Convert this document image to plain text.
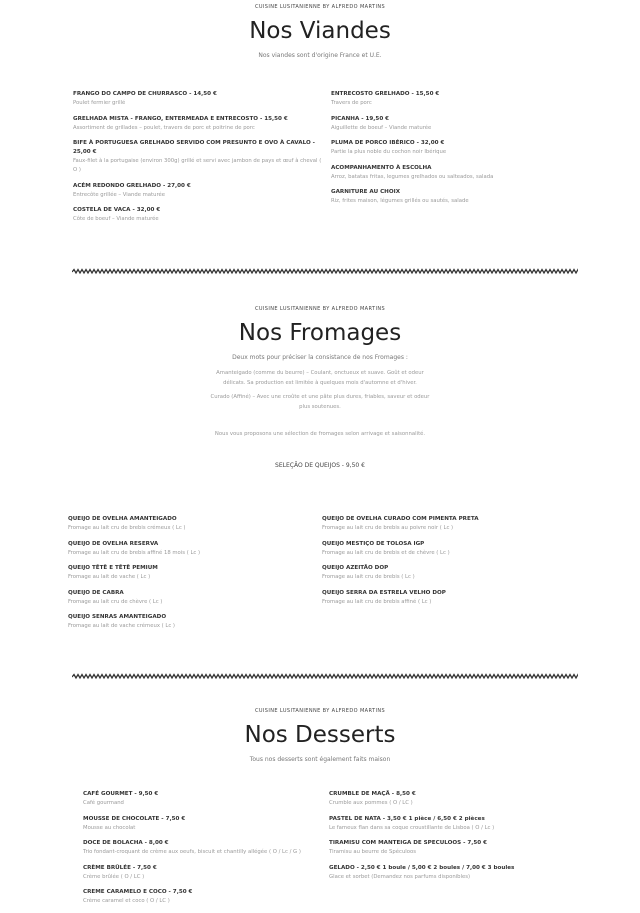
CUISINE LUSITANIENNE BY ALFREDO MARTINS
Nos Viandes
Nos viandes sont d'origine France et U.E.
FRANGO DO CAMPO DE CHURRASCO - 14,50 €
Poulet fermier grillé
GRELHADA MISTA - FRANGO, ENTERMEADA E ENTRECOSTO - 15,50 €
Assortiment de grillades – poulet, travers de porc et poitrine de porc
BIFE À PORTUGUESA GRELHADO SERVIDO COM PRESUNTO E OVO À CAVALO - 25,00 €
Faux-filet à la portugaise (environ 300g) grillé et servi avec jambon de pays et œuf à cheval ( O )
ACÉM REDONDO GRELHADO - 27,00 €
Entrecôte grillée – Viande maturée
COSTELA DE VACA - 32,00 €
Côte de boeuf – Viande maturée
ENTRECOSTO GRELHADO - 15,50 €
Travers de porc
PICANHA - 19,50 €
Aiguillette de boeuf – Viande maturée
PLUMA DE PORCO IBÉRICO - 32,00 €
Partie la plus noble du cochon noir Ibérique
ACOMPANHAMENTO À ESCOLHA
Arroz, batatas fritas, legumes grelhados ou salteados, salada
GARNITURE AU CHOIX
Riz, frites maison, légumes grillés ou sautés, salade
CUISINE LUSITANIENNE BY ALFREDO MARTINS
Nos Fromages
Deux mots pour préciser la consistance de nos Fromages :
Amanteigado (comme du beurre) – Coulant, onctueux et suave. Goût et odeur délicats. Sa production est limitée à quelques mois d'automne et d'hiver.
Curado (Affiné) – Avec une croûte et une pâte plus dures, friables, saveur et odeur plus soutenues.
Nous vous proposons une sélection de fromages selon arrivage et saisonnalité.
SELEÇÃO DE QUEIJOS - 9,50 €
QUEIJO DE OVELHA AMANTEIGADO
Fromage au lait cru de brebis crémeux ( Lc )
QUEIJO DE OVELHA RESERVA
Fromage au lait cru de brebis affiné 18 mois ( Lc )
QUEIJO TÊTÊ E TÊTÊ PEMIUM
Fromage au lait de vache ( Lc )
QUEIJO DE CABRA
Fromage au lait cru de chèvre ( Lc )
QUEIJO SENRAS AMANTEIGADO
Fromage au lait de vache crémeux ( Lc )
QUEIJO DE OVELHA CURADO COM PIMENTA PRETA
Fromage au lait cru de brebis au poivre noir ( Lc )
QUEIJO MESTIÇO DE TOLOSA IGP
Fromage au lait cru de brebis et de chèvre ( Lc )
QUEIJO AZEITÃO DOP
Fromage au lait cru de brebis ( Lc )
QUEIJO SERRA DA ESTRELA VELHO DOP
Fromage au lait cru de brebis affiné ( Lc )
CUISINE LUSITANIENNE BY ALFREDO MARTINS
Nos Desserts
Tous nos desserts sont également faits maison
CAFÉ GOURMET - 9,50 €
Café gourmand
MOUSSE DE CHOCOLATE - 7,50 €
Mousse au chocolat
DOCE DE BOLACHA - 8,00 €
Trio fondant-croquant de crème aux oeufs, biscuit et chantilly allégée ( O / Lc / G )
CRÈME BRÛLÉE - 7,50 €
Crème brûlée ( O / LC )
CREME CARAMELO E COCO - 7,50 €
Crème caramel et coco ( O / LC )
CRUMBLE DE MAÇÃ - 8,50 €
Crumble aux pommes ( O / LC )
PASTEL DE NATA - 3,50 € 1 pièce / 6,50 € 2 pièces
Le fameux flan dans sa coque croustillante de Lisboa ( O / Lc )
TIRAMISU COM MANTEIGA DE SPECULOOS - 7,50 €
Tiramisu au beurre de Spéculoos
GELADO - 2,50 € 1 boule / 5,00 € 2 boules / 7,00 € 3 boules
Glace et sorbet (Demandez nos parfums disponibles)
